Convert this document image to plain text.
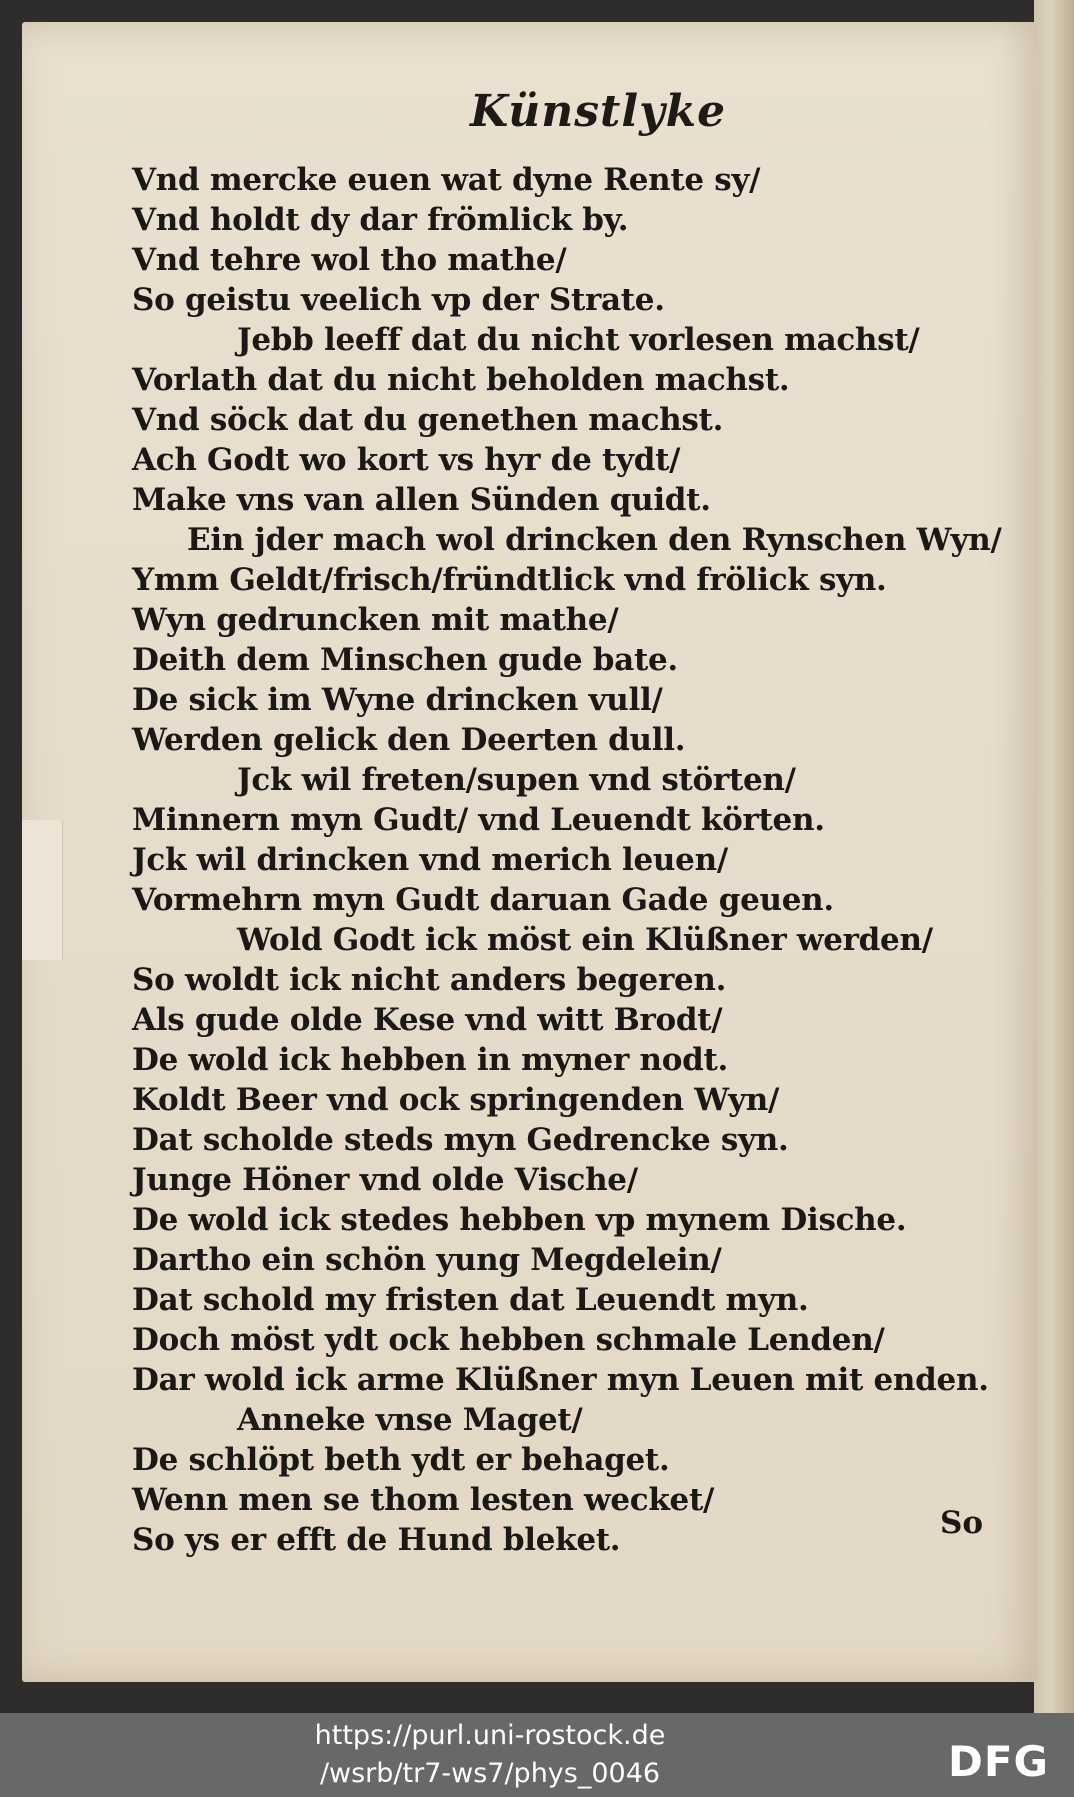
Künstlyke
Vnd mercke euen wat dyne Rente sy/
Vnd holdt dy dar frömlick by.
Vnd tehre wol tho mathe/
So geistu veelich vp der Strate.
Jebb leeff dat du nicht vorlesen machst/
Vorlath dat du nicht beholden machst.
Vnd söck dat du genethen machst.
Ach Godt wo kort vs hyr de tydt/
Make vns van allen Sünden quidt.
Ein jder mach wol drincken den Rynschen Wyn/
Ymm Geldt/frisch/fründtlick vnd frölick syn.
Wyn gedruncken mit mathe/
Deith dem Minschen gude bate.
De sick im Wyne drincken vull/
Werden gelick den Deerten dull.
Jck wil freten/supen vnd störten/
Minnern myn Gudt/ vnd Leuendt körten.
Jck wil drincken vnd merich leuen/
Vormehrn myn Gudt daruan Gade geuen.
Wold Godt ick möst ein Klüßner werden/
So woldt ick nicht anders begeren.
Als gude olde Kese vnd witt Brodt/
De wold ick hebben in myner nodt.
Koldt Beer vnd ock springenden Wyn/
Dat scholde steds myn Gedrencke syn.
Junge Höner vnd olde Vische/
De wold ick stedes hebben vp mynem Dische.
Dartho ein schön yung Megdelein/
Dat schold my fristen dat Leuendt myn.
Doch möst ydt ock hebben schmale Lenden/
Dar wold ick arme Klüßner myn Leuen mit enden.
Anneke vnse Maget/
De schlöpt beth ydt er behaget.
Wenn men se thom lesten wecket/
So ys er efft de Hund bleket.	So
https://purl.uni-rostock.de
/wsrb/tr7-ws7/phys_0046	DFG
